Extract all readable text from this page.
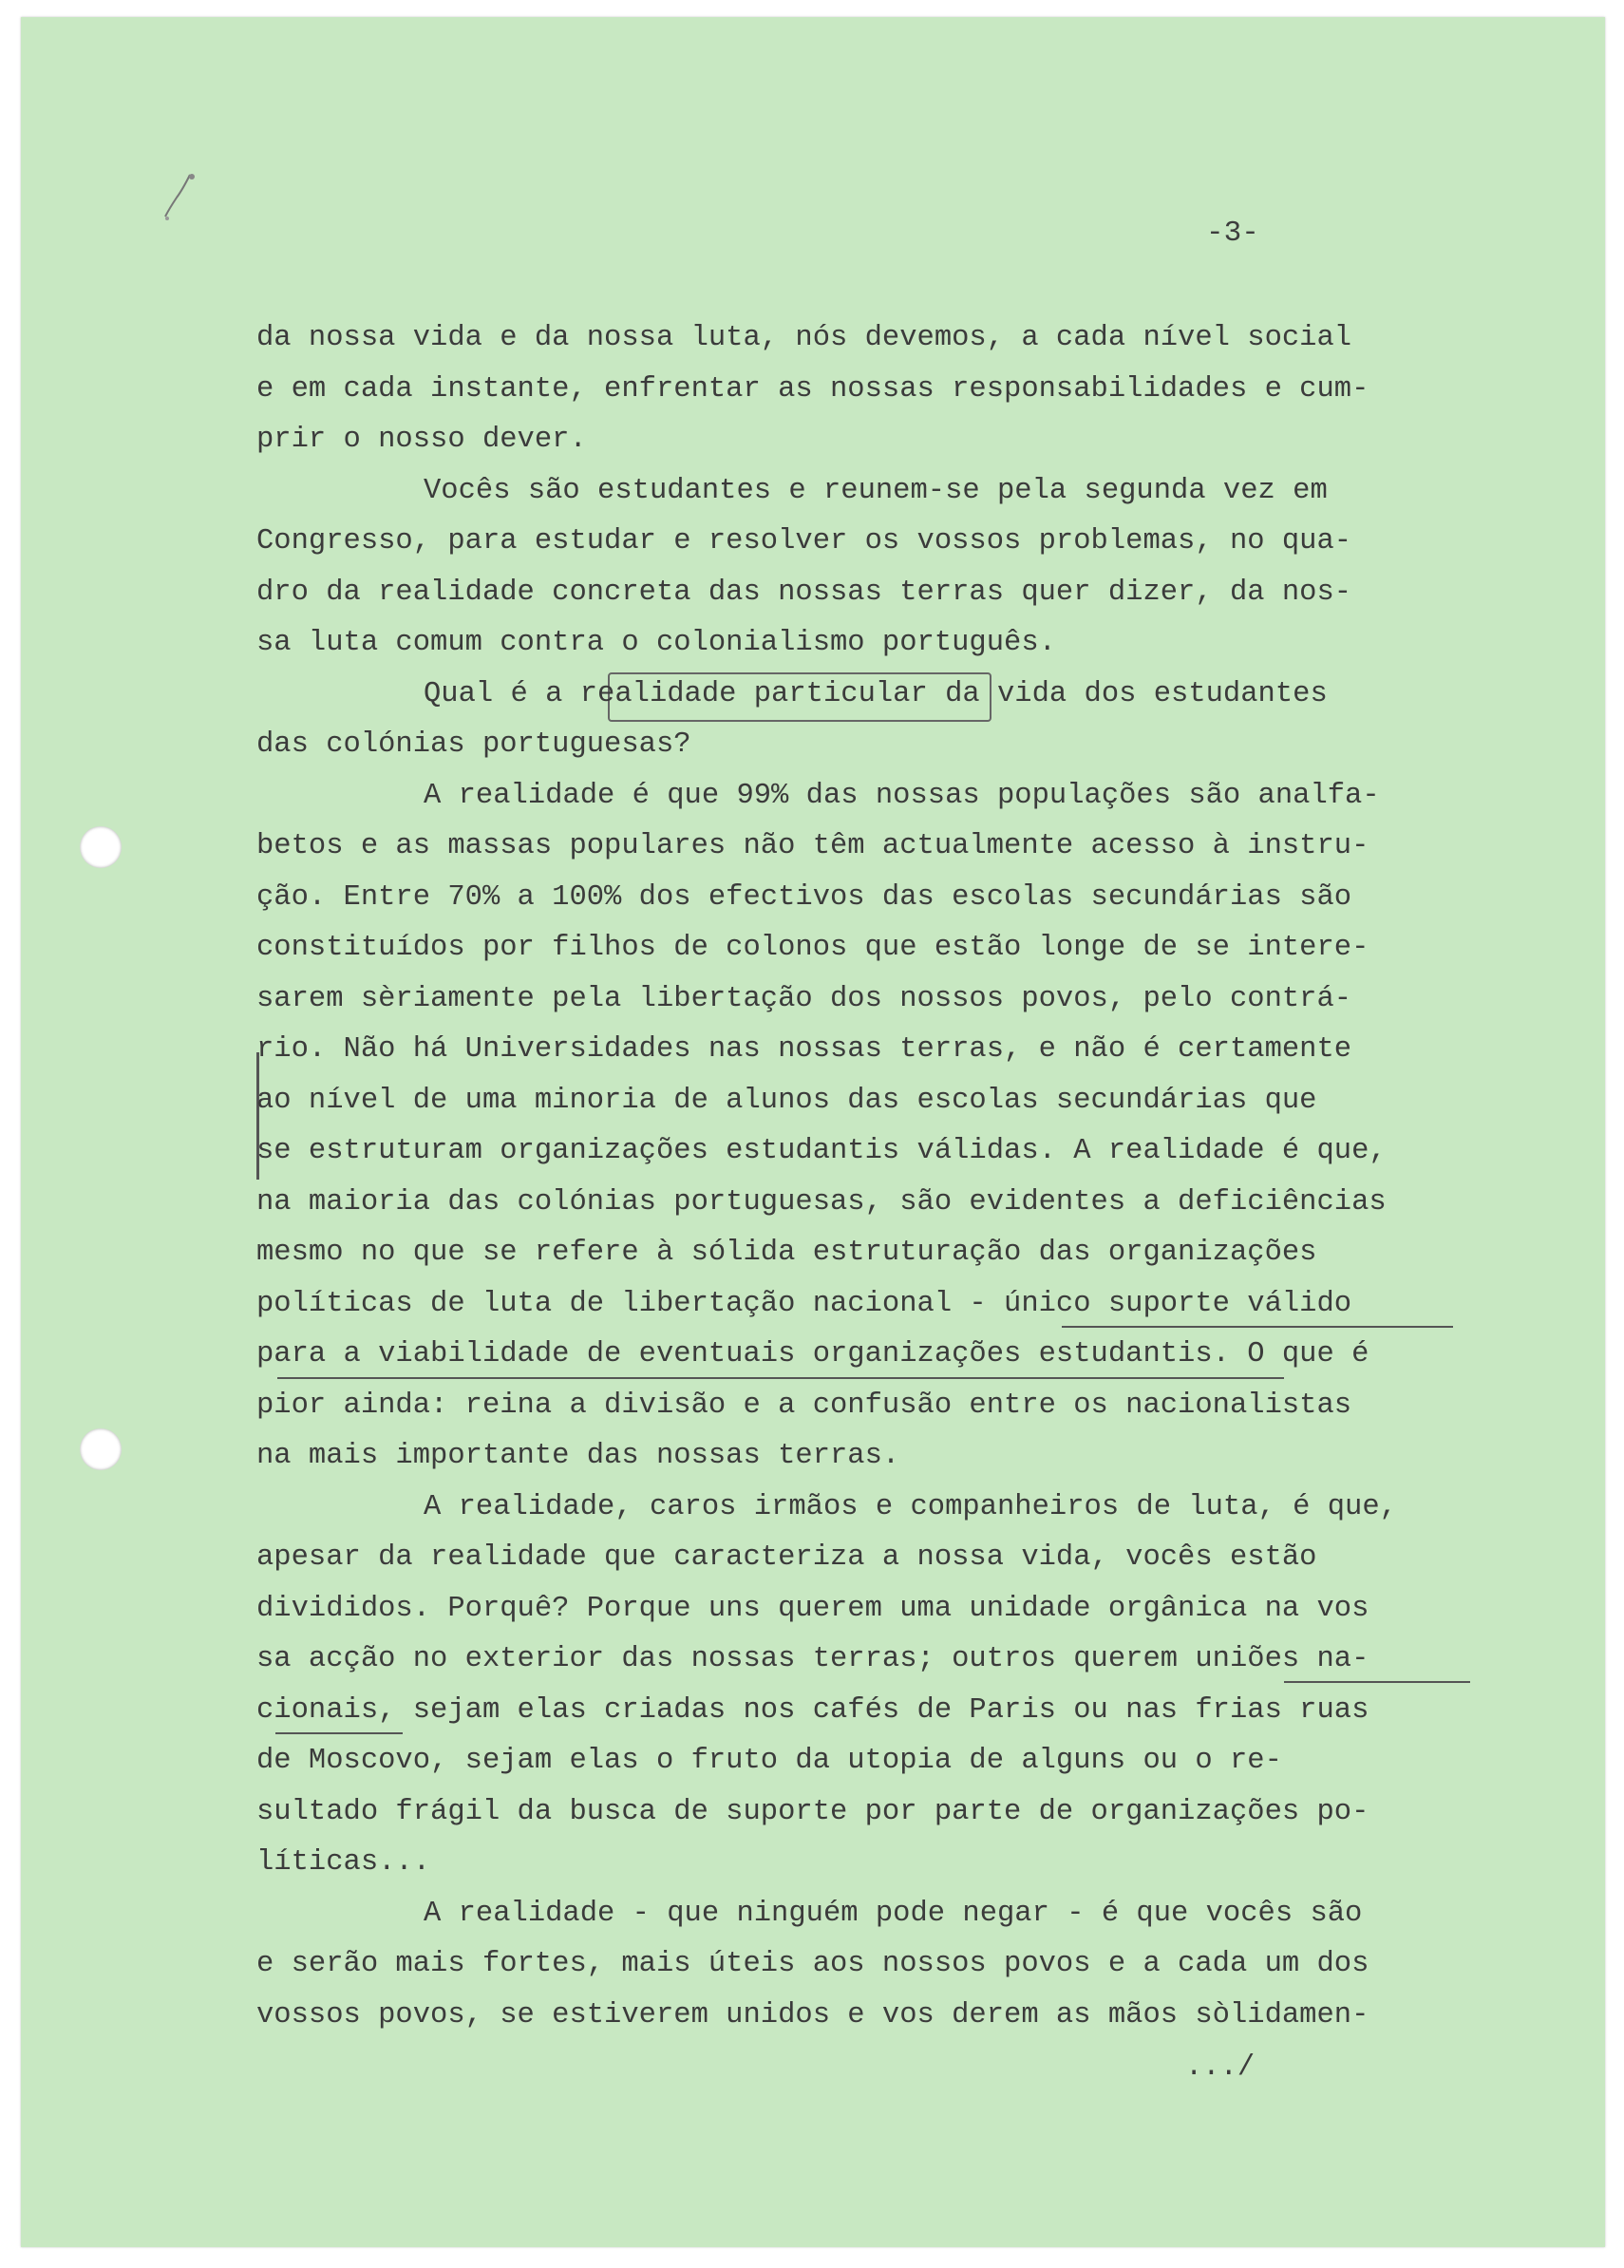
-3-
da nossa vida e da nossa luta, nós devemos, a cada nível social
e em cada instante, enfrentar as nossas responsabilidades e cum-
prir o nosso dever.
Vocês são estudantes e reunem-se pela segunda vez em
Congresso, para estudar e resolver os vossos problemas, no qua-
dro da realidade concreta das nossas terras quer dizer, da nos-
sa luta comum contra o colonialismo português.
Qual é a realidade particular da vida dos estudantes
das colónias portuguesas?
A realidade é que 99% das nossas populações são analfa-
betos e as massas populares não têm actualmente acesso à instru-
ção. Entre 70% a 100% dos efectivos das escolas secundárias são
constituídos por filhos de colonos que estão longe de se intere-
sarem sèriamente pela libertação dos nossos povos, pelo contrá-
rio. Não há Universidades nas nossas terras, e não é certamente
ao nível de uma minoria de alunos das escolas secundárias que
se estruturam organizações estudantis válidas. A realidade é que,
na maioria das colónias portuguesas, são evidentes a deficiências
mesmo no que se refere à sólida estruturação das organizações
políticas de luta de libertação nacional - único suporte válido
para a viabilidade de eventuais organizações estudantis. O que é
pior ainda: reina a divisão e a confusão entre os nacionalistas
na mais importante das nossas terras.
A realidade, caros irmãos e companheiros de luta, é que,
apesar da realidade que caracteriza a nossa vida, vocês estão
divididos. Porquê? Porque uns querem uma unidade orgânica na vos
sa acção no exterior das nossas terras; outros querem uniões na-
cionais, sejam elas criadas nos cafés de Paris ou nas frias ruas
de Moscovo, sejam elas o fruto da utopia de alguns ou o re-
sultado frágil da busca de suporte por parte de organizações po-
líticas...
A realidade - que ninguém pode negar - é que vocês são
e serão mais fortes, mais úteis aos nossos povos e a cada um dos
vossos povos, se estiverem unidos e vos derem as mãos sòlidamen-
.../
